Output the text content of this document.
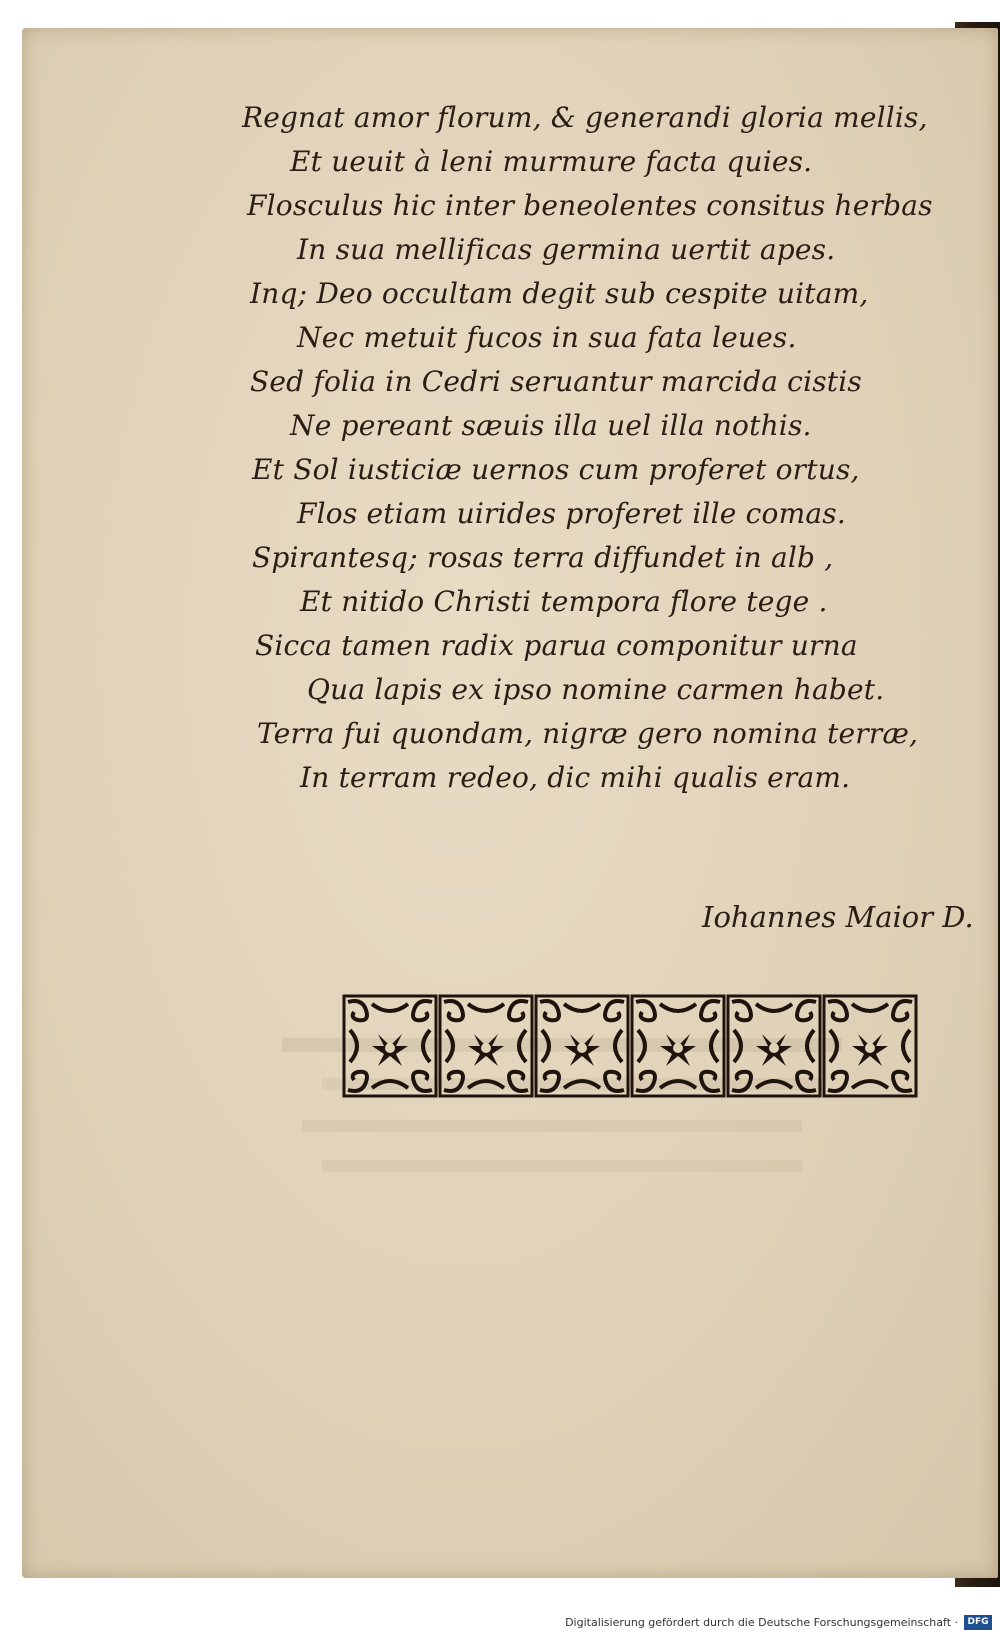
Regnat amor florum, & generandi gloria mellis,
Et ueuit à leni murmure facta quies.
Flosculus hic inter beneolentes consitus herbas
In sua mellificas germina uertit apes.
Inq; Deo occultam degit sub cespite uitam,
Nec metuit fucos in sua fata leues.
Sed folia in Cedri seruantur marcida cistis
Ne pereant sæuis illa uel illa nothis.
Et Sol iusticiæ uernos cum proferet ortus,
Flos etiam uirides proferet ille comas.
Spirantesq; rosas terra diffundet in alb ,
Et nitido Christi tempora flore tege .
Sicca tamen radix parua componitur urna
Qua lapis ex ipso nomine carmen habet.
Terra fui quondam, nigræ gero nomina terræ,
In terram redeo, dic mihi qualis eram.
Iohannes Maior D.
Digitalisierung gefördert durch die Deutsche Forschungsgemeinschaft ·	DFG
